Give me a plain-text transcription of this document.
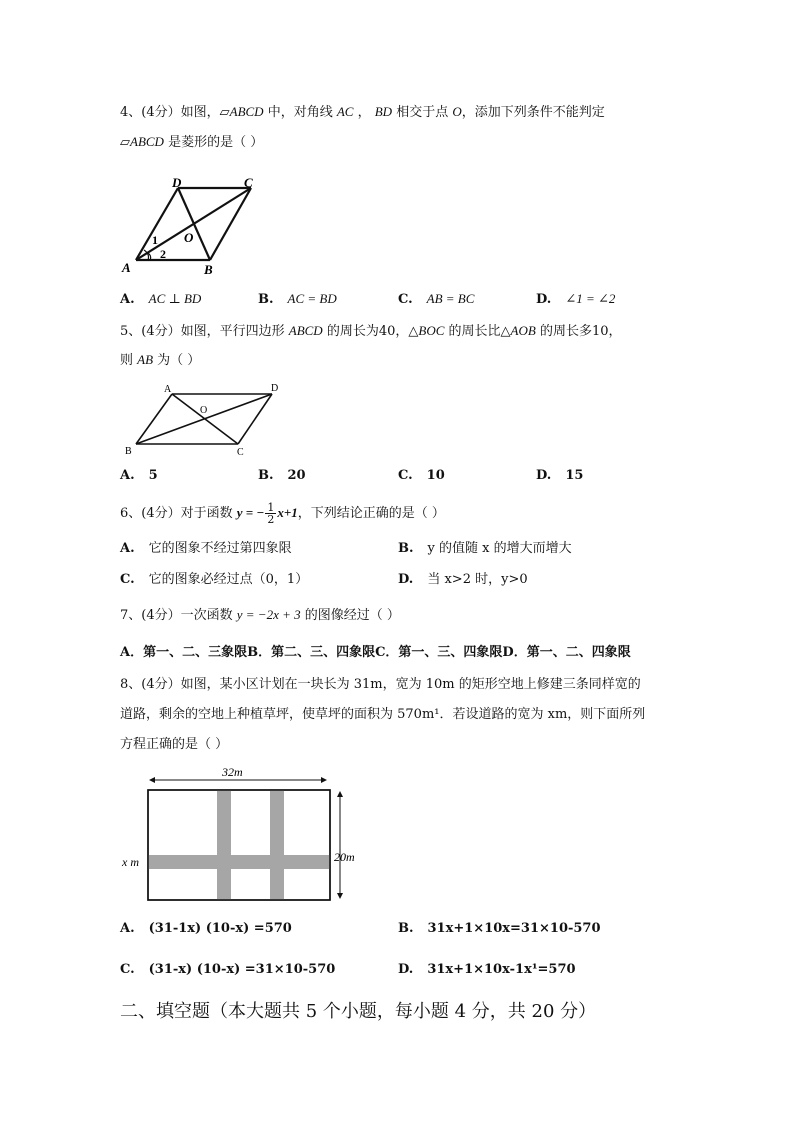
4、(4分）如图，▱ABCD 中，对角线 AC ， BD 相交于点 O，添加下列条件不能判定
▱ABCD 是菱形的是（ ）
D	C
O
1
2
A	B
A. AC ⊥ BD	B. AC = BD	C. AB = BC	D. ∠1 = ∠2
5、(4分）如图，平行四边形 ABCD 的周长为40，△BOC 的周长比△AOB 的周长多10，
则 AB 为（ ）
A	D
O
B	C
A. 5	B. 20	C. 10	D. 15
6、(4分）对于函数 y = − $\frac{1}{2} x+1$，下列结论正确的是（ ）
A. 它的图象不经过第四象限	B. y 的值随 x 的增大而增大
C. 它的图象必经过点（0，1）	D. 当 x>2 时，y>0
7、(4分）一次函数 y = −2x + 3 的图像经过（ ）
A．第一、二、三象限B．第二、三、四象限C．第一、三、四象限D．第一、二、四象限
8、(4分）如图，某小区计划在一块长为 31m，宽为 10m 的矩形空地上修建三条同样宽的
道路，剩余的空地上种植草坪，使草坪的面积为 570m¹．若设道路的宽为 xm，则下面所列
方程正确的是（ ）
32m
20m
x m
A. (31-1x) (10-x) =570	B. 31x+1×10x=31×10-570
C. (31-x) (10-x) =31×10-570	D. 31x+1×10x-1x¹=570
二、填空题（本大题共 5 个小题，每小题 4 分，共 20 分）
